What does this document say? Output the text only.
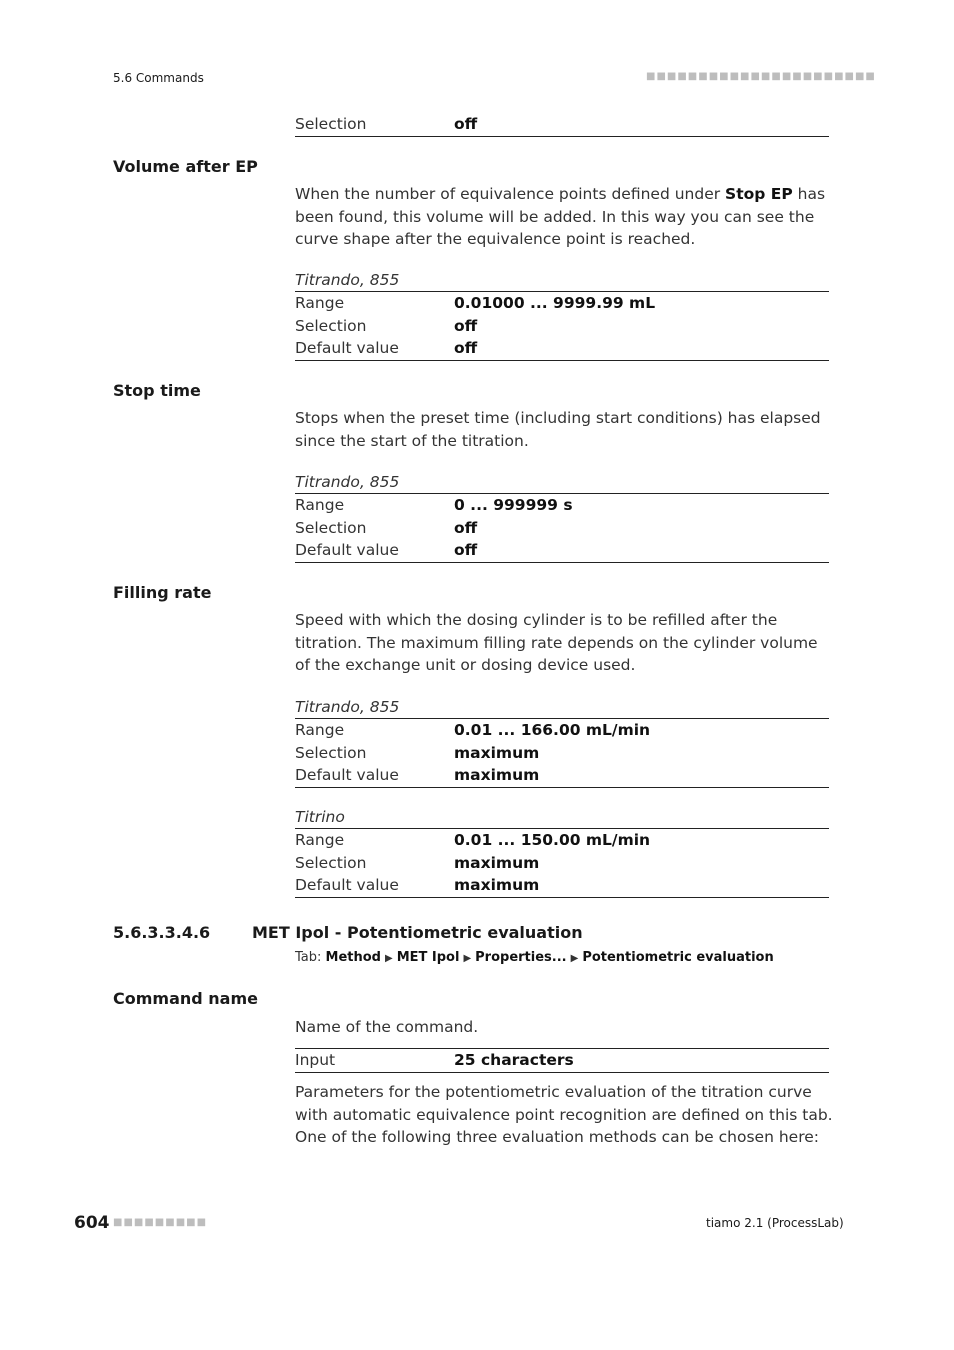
5.6 Commands	■■■■■■■■■■■■■■■■■■■■■■
Selection	off
Volume after EP
When the number of equivalence points defined under Stop EP has been found, this volume will be added. In this way you can see the curve shape after the equivalence point is reached.
Titrando, 855
Range	0.01000 ... 9999.99 mL
Selection	off
Default value	off
Stop time
Stops when the preset time (including start conditions) has elapsed since the start of the titration.
Titrando, 855
Range	0 ... 999999 s
Selection	off
Default value	off
Filling rate
Speed with which the dosing cylinder is to be refilled after the titration. The maximum filling rate depends on the cylinder volume of the exchange unit or dosing device used.
Titrando, 855
Range	0.01 ... 166.00 mL/min
Selection	maximum
Default value	maximum
Titrino
Range	0.01 ... 150.00 mL/min
Selection	maximum
Default value	maximum
5.6.3.3.4.6	MET Ipol - Potentiometric evaluation
Tab: Method ▶ MET Ipol ▶ Properties... ▶ Potentiometric evaluation
Command name
Name of the command.
Input	25 characters
Parameters for the potentiometric evaluation of the titration curve with automatic equivalence point recognition are defined on this tab. One of the following three evaluation methods can be chosen here:
604 ■■■■■■■■■	tiamo 2.1 (ProcessLab)
